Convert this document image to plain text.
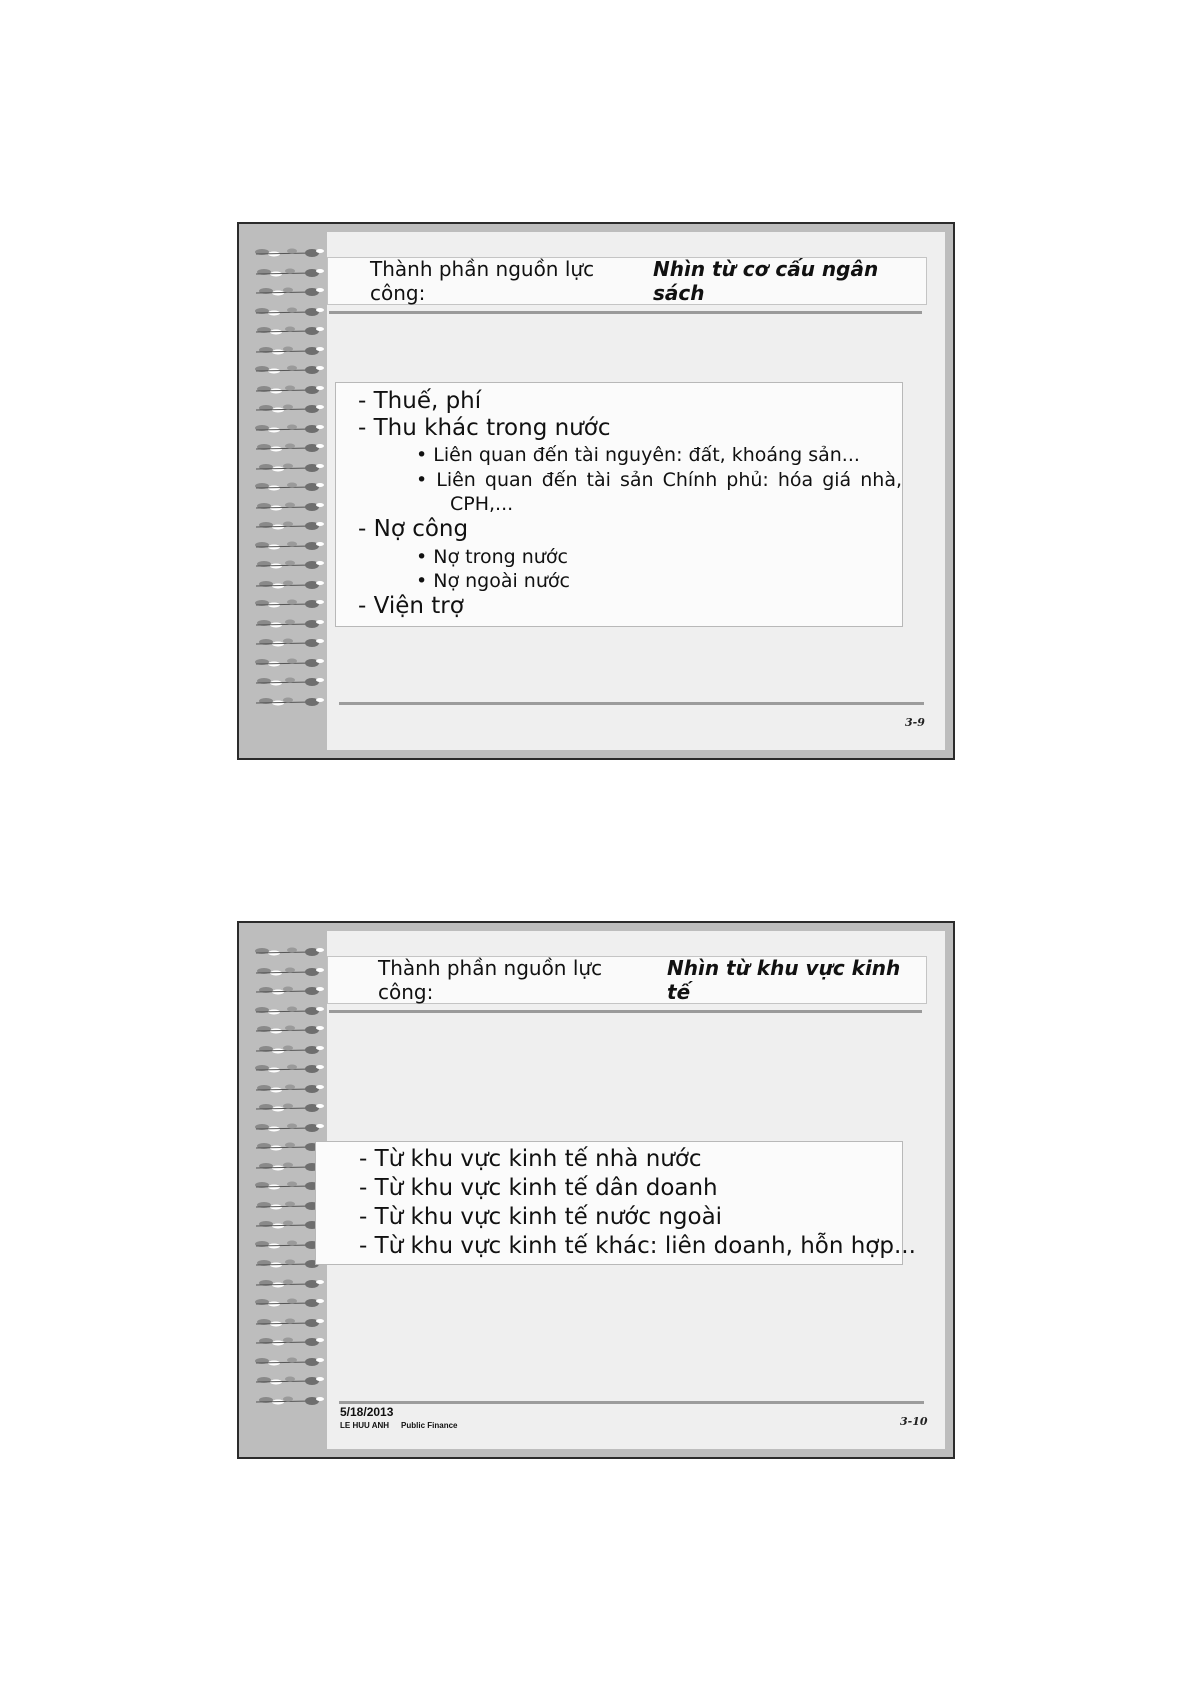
Thành phần nguồn lực công:
Nhìn từ cơ cấu ngân sách
- Thuế, phí
- Thu khác trong nước
• Liên quan đến tài nguyên: đất, khoáng sản...
• Liên quan đến tài sản Chính phủ: hóa giá nhà,
CPH,...
- Nợ công
• Nợ trong nước
• Nợ ngoài nước
- Viện trợ
3-9
Thành phần nguồn lực công:
Nhìn từ khu vực kinh tế
- Từ khu vực kinh tế nhà nước
- Từ khu vực kinh tế dân doanh
- Từ khu vực kinh tế nước ngoài
- Từ khu vực kinh tế khác: liên doanh, hỗn hợp...
5/18/2013
LE HUU ANH Public Finance	3-10
